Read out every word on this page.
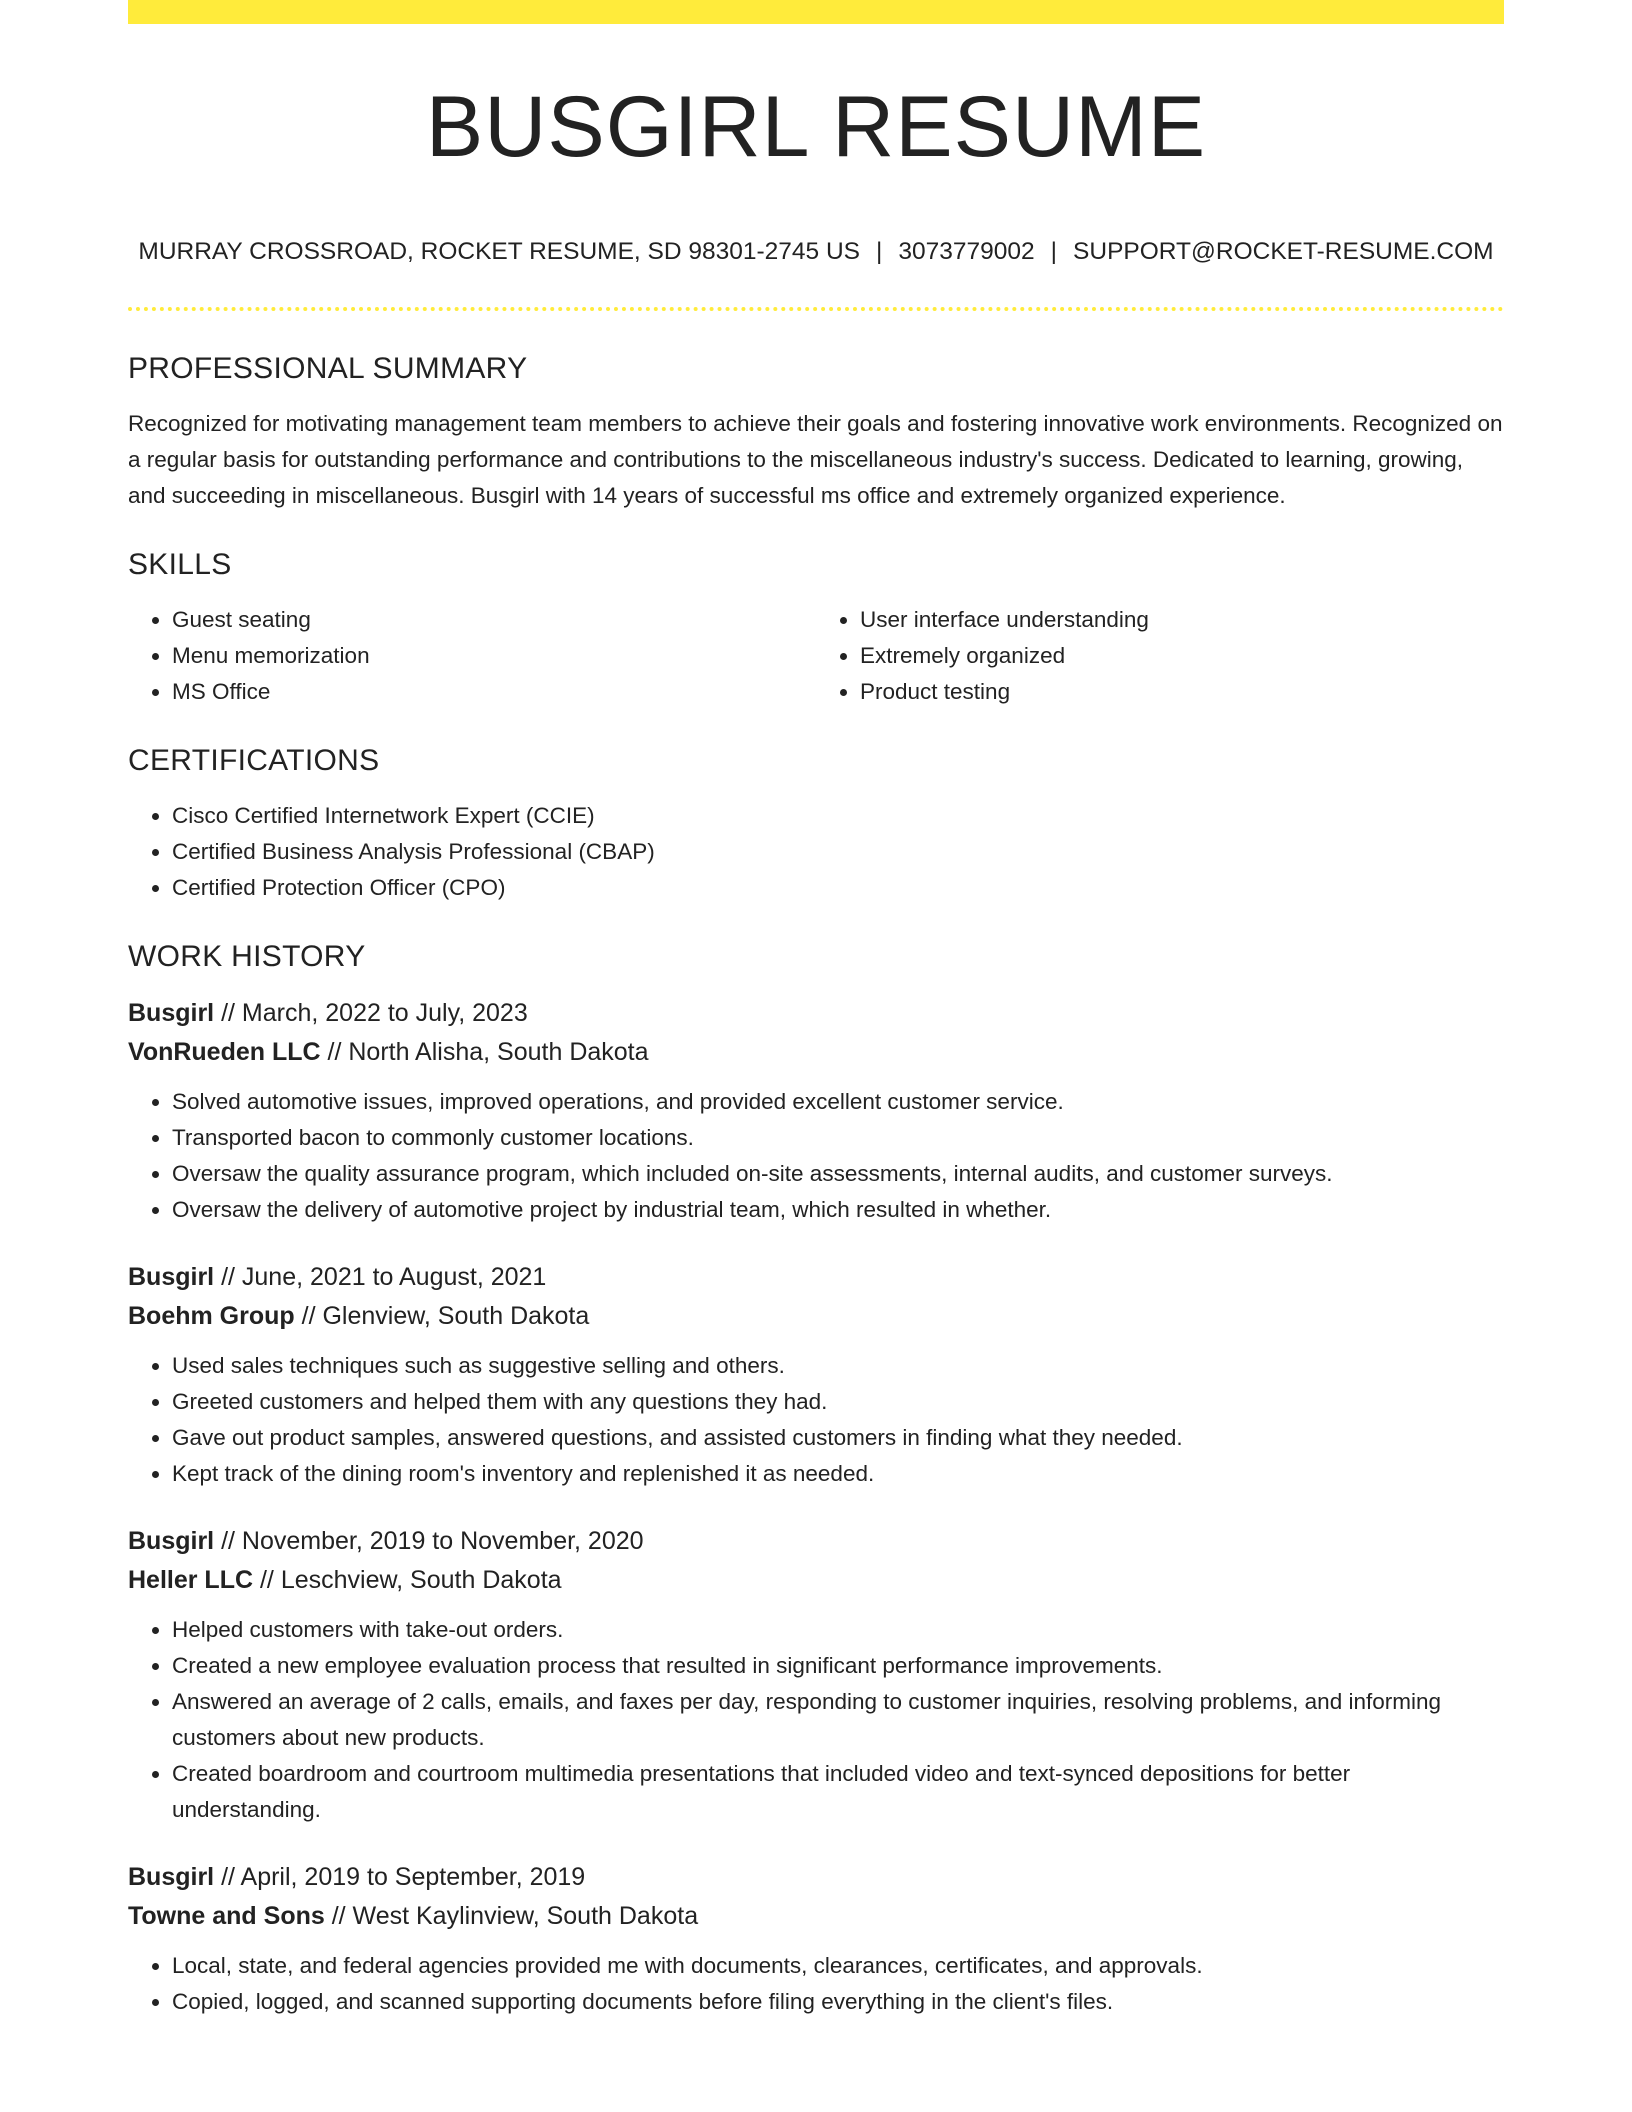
BUSGIRL RESUME
MURRAY CROSSROAD, ROCKET RESUME, SD 98301-2745 US | 3073779002 | SUPPORT@ROCKET-RESUME.COM
PROFESSIONAL SUMMARY

Recognized for motivating management team members to achieve their goals and fostering innovative work environments. Recognized on a regular basis for outstanding performance and contributions to the miscellaneous industry's success. Dedicated to learning, growing, and succeeding in miscellaneous. Busgirl with 14 years of successful ms office and extremely organized experience.

SKILLS
• Guest seating
• Menu memorization
• MS Office
• User interface understanding
• Extremely organized
• Product testing
CERTIFICATIONS
• Cisco Certified Internetwork Expert (CCIE)
• Certified Business Analysis Professional (CBAP)
• Certified Protection Officer (CPO)
WORK HISTORY
Busgirl // March, 2022 to July, 2023
VonRueden LLC // North Alisha, South Dakota
• Solved automotive issues, improved operations, and provided excellent customer service.
• Transported bacon to commonly customer locations.
• Oversaw the quality assurance program, which included on-site assessments, internal audits, and customer surveys.
• Oversaw the delivery of automotive project by industrial team, which resulted in whether.
Busgirl // June, 2021 to August, 2021
Boehm Group // Glenview, South Dakota
• Used sales techniques such as suggestive selling and others.
• Greeted customers and helped them with any questions they had.
• Gave out product samples, answered questions, and assisted customers in finding what they needed.
• Kept track of the dining room's inventory and replenished it as needed.
Busgirl // November, 2019 to November, 2020
Heller LLC // Leschview, South Dakota
• Helped customers with take-out orders.
• Created a new employee evaluation process that resulted in significant performance improvements.
• Answered an average of 2 calls, emails, and faxes per day, responding to customer inquiries, resolving problems, and informing customers about new products.
• Created boardroom and courtroom multimedia presentations that included video and text-synced depositions for better understanding.
Busgirl // April, 2019 to September, 2019
Towne and Sons // West Kaylinview, South Dakota
• Local, state, and federal agencies provided me with documents, clearances, certificates, and approvals.
• Copied, logged, and scanned supporting documents before filing everything in the client's files.
